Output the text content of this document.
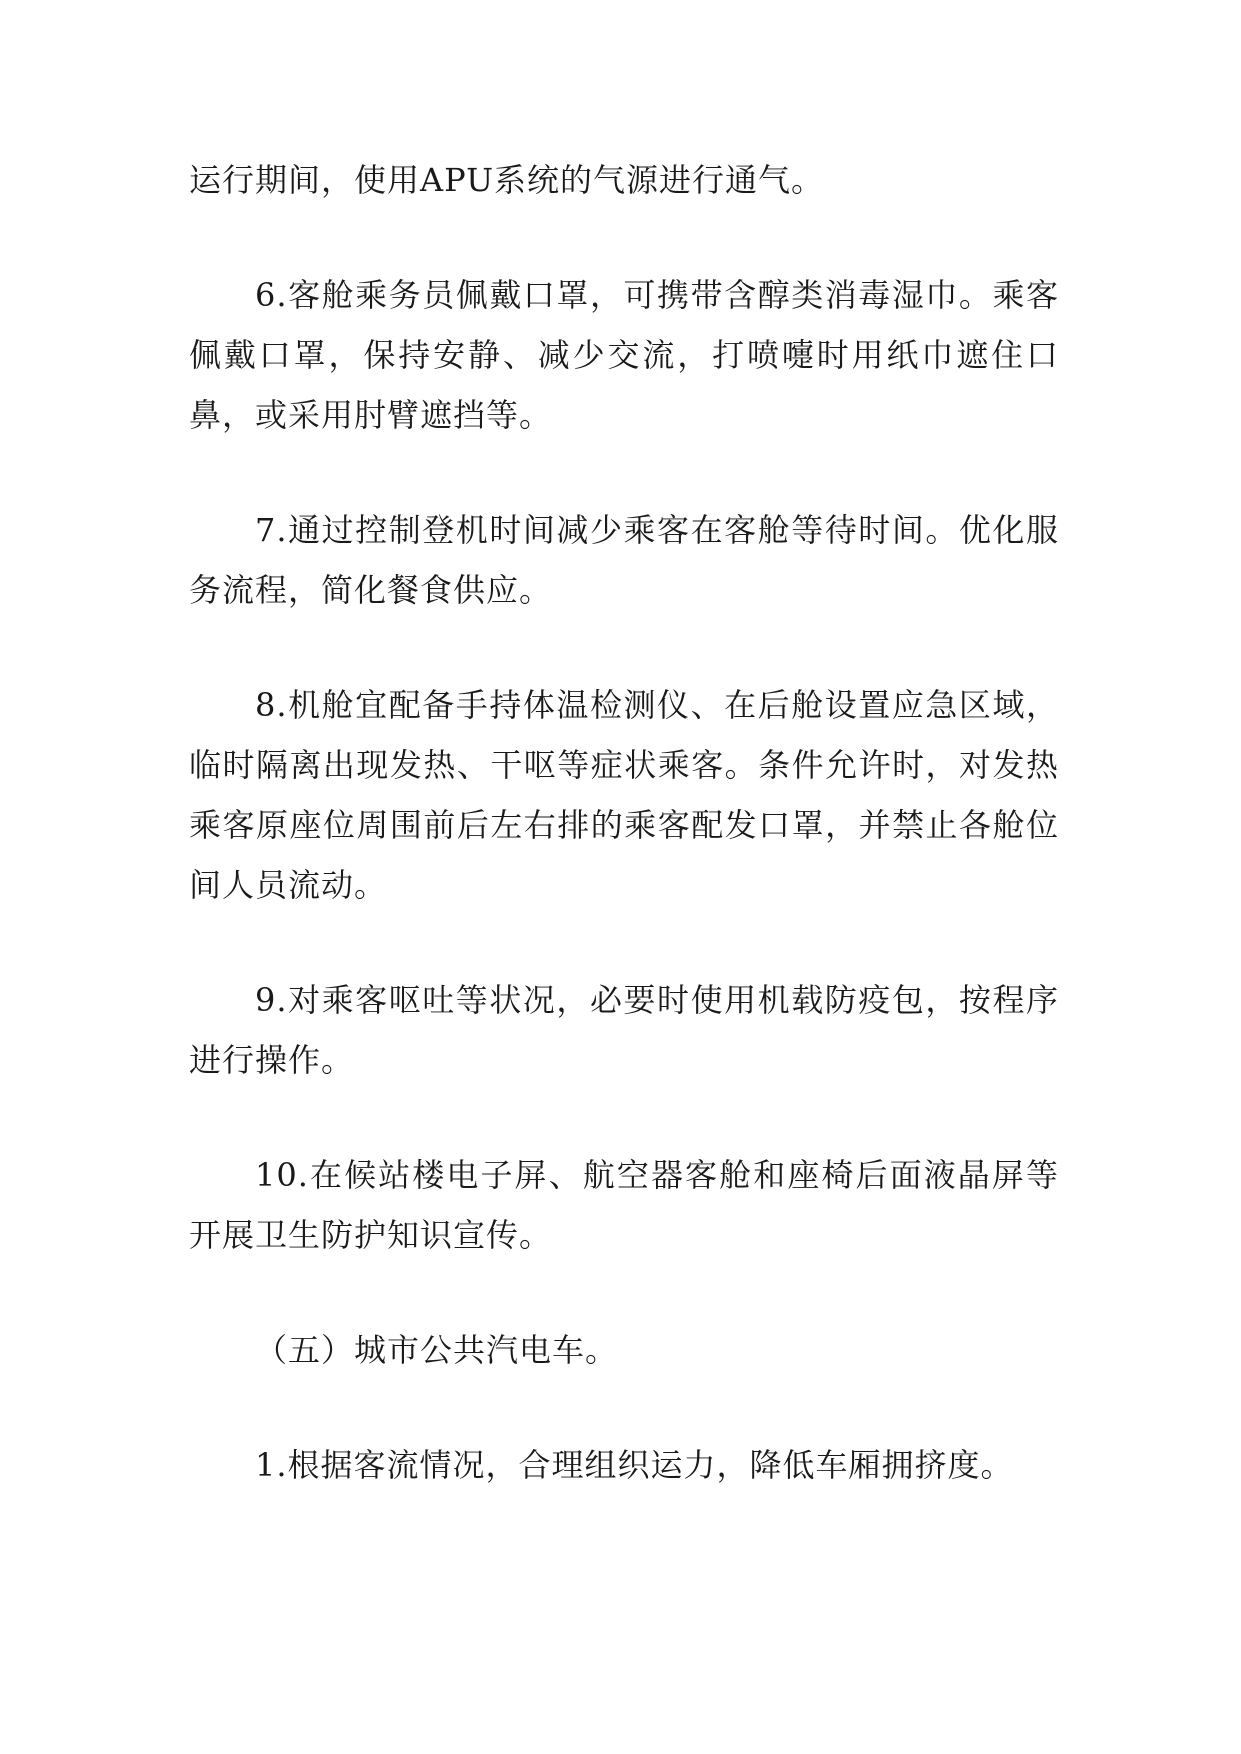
运行期间，使用APU系统的气源进行通气。

6.客舱乘务员佩戴口罩，可携带含醇类消毒湿巾。乘客佩戴口罩，保持安静、减少交流，打喷嚏时用纸巾遮住口鼻，或采用肘臂遮挡等。

7.通过控制登机时间减少乘客在客舱等待时间。优化服务流程，简化餐食供应。

8.机舱宜配备手持体温检测仪、在后舱设置应急区域，临时隔离出现发热、干呕等症状乘客。条件允许时，对发热乘客原座位周围前后左右排的乘客配发口罩，并禁止各舱位间人员流动。

9.对乘客呕吐等状况，必要时使用机载防疫包，按程序进行操作。

10.在候站楼电子屏、航空器客舱和座椅后面液晶屏等开展卫生防护知识宣传。

（五）城市公共汽电车。

1.根据客流情况，合理组织运力，降低车厢拥挤度。
